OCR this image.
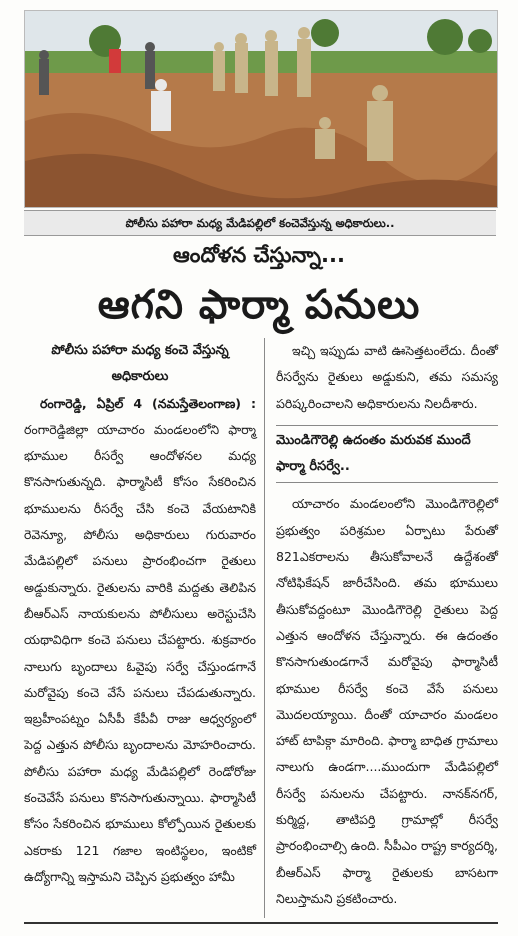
పోలీసు పహారా మధ్య మేడిపల్లిలో కంచెవేస్తున్న అధికారులు..
ఆందోళన చేస్తున్నా...
ఆగని ఫార్మా పనులు
పోలీసు పహారా మధ్య కంచె వేస్తున్న అధికారులు
రంగారెడ్డి, ఏప్రిల్ 4 (నమస్తేతెలంగాణ) : రంగారెడ్డిజిల్లా యాచారం మండలంలోని ఫార్మా భూముల రీసర్వే ఆందోళనల మధ్య కొనసాగుతున్నది. ఫార్మాసిటీ కోసం సేకరించిన భూములను రీసర్వే చేసి కంచె వేయటానికి రెవెన్యూ, పోలీసు అధికారులు గురువారం మేడిపల్లిలో పనులు ప్రారంభించగా రైతులు అడ్డుకున్నారు. రైతులను వారికి మద్దతు తెలిపిన బీఆర్ఎస్ నాయకులను పోలీసులు అరెస్టుచేసి యథావిధిగా కంచె పనులు చేపట్టారు. శుక్రవారం నాలుగు బృందాలు ఓవైపు సర్వే చేస్తుండగానే మరోవైపు కంచె వేసే పనులు చేపడుతున్నారు. ఇబ్రహీంపట్నం ఏసీపీ కేపీవీ రాజు ఆధ్వర్యంలో పెద్ద ఎత్తున పోలీసు బృందాలను మోహరించారు. పోలీసు పహారా మధ్య మేడిపల్లిలో రెండోరోజు కంచెవేసే పనులు కొనసాగుతున్నాయి. ఫార్మాసిటీ కోసం సేకరించిన భూములు కోల్పోయిన రైతులకు ఎకరాకు 121 గజాల ఇంటిస్థలం, ఇంటికో ఉద్యోగాన్ని ఇస్తామని చెప్పిన ప్రభుత్వం హామీ
ఇచ్చి ఇప్పుడు వాటి ఊసెత్తటంలేదు. దీంతో రీసర్వేను రైతులు అడ్డుకుని, తమ సమస్య పరిష్కరించాలని అధికారులను నిలదీశారు.
మొండిగౌరెల్లి ఉదంతం మరువక ముందే ఫార్మా రీసర్వే..
యాచారం మండలంలోని మొండిగౌరెల్లిలో ప్రభుత్వం పరిశ్రమల ఏర్పాటు పేరుతో 821ఎకరాలను తీసుకోవాలనే ఉద్దేశంతో నోటిఫికేషన్ జారీచేసింది. తమ భూములు తీసుకోవద్దంటూ మొండిగౌరెల్లి రైతులు పెద్ద ఎత్తున ఆందోళన చేస్తున్నారు. ఈ ఉదంతం కొనసాగుతుండగానే మరోవైపు ఫార్మాసిటీ భూముల రీసర్వే కంచె వేసే పనులు మొదలయ్యాయి. దీంతో యాచారం మండలం హాట్ టాపిక్గా మారింది. ఫార్మా బాధిత గ్రామాలు నాలుగు ఉండగా....ముందుగా మేడిపల్లిలో రీసర్వే పనులను చేపట్టారు. నానక్‌నగర్, కుర్మిద్ద, తాటిపర్తి గ్రామాల్లో రీసర్వే ప్రారంభించాల్సి ఉంది. సీపీఎం రాష్ట్ర కార్యదర్శి, బీఆర్ఎస్ ఫార్మా రైతులకు బాసటగా నిలుస్తామని ప్రకటించారు.
